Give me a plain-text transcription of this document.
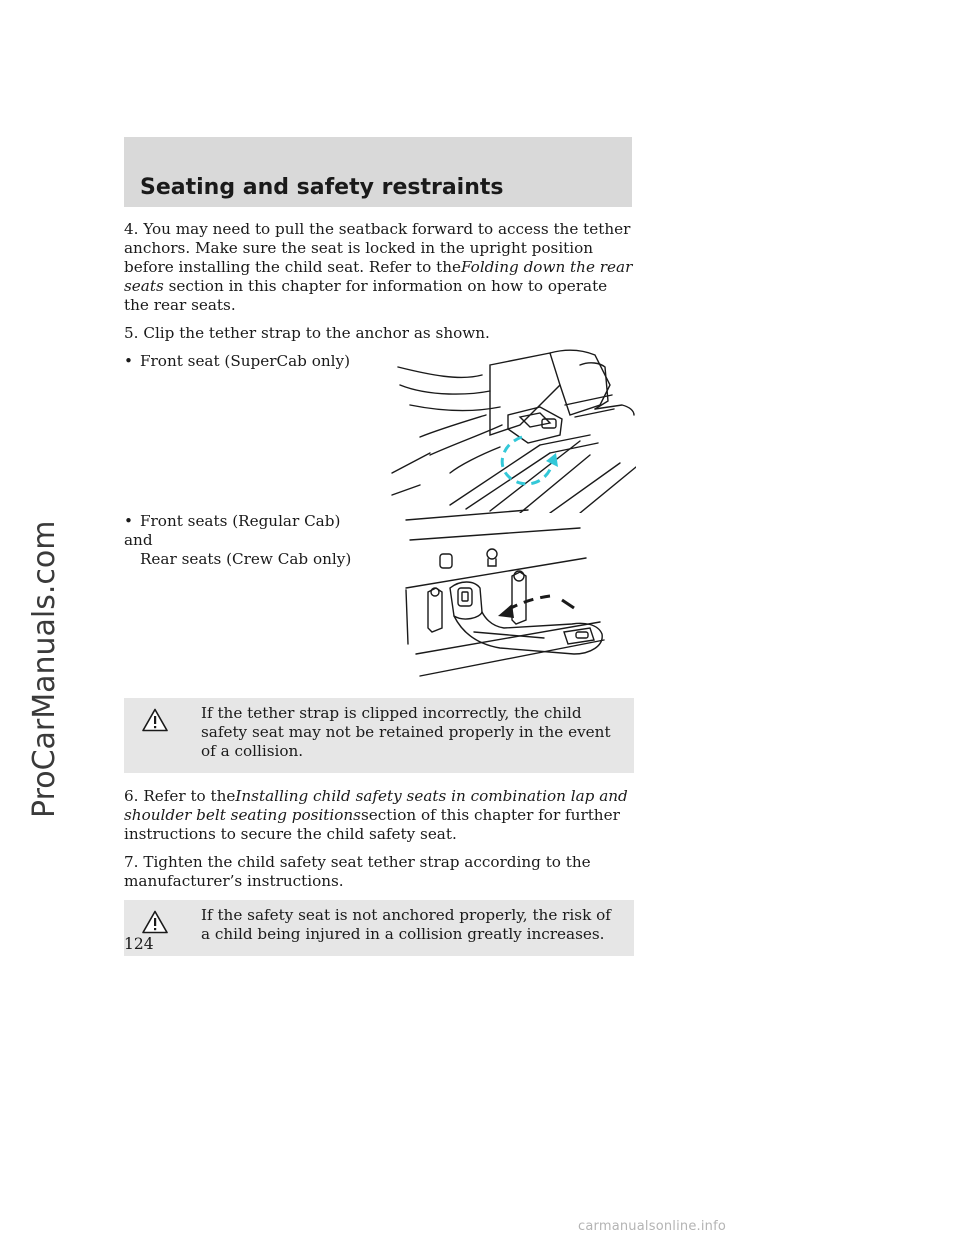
ProCarManuals.com
Seating and safety restraints

4. You may need to pull the seatback forward to access the tether anchors. Make sure the seat is locked in the upright position before installing the child seat. Refer to theFolding down the rear seats section in this chapter for information on how to operate the rear seats.

5. Clip the tether strap to the anchor as shown.

• Front seat (SuperCab only)
• Front seats (Regular Cab) and
Rear seats (Crew Cab only)
If the tether strap is clipped incorrectly, the child safety seat may not be retained properly in the event of a collision.

6. Refer to theInstalling child safety seats in combination lap and shoulder belt seating positionssection of this chapter for further instructions to secure the child safety seat.

7. Tighten the child safety seat tether strap according to the manufacturer’s instructions.

If the safety seat is not anchored properly, the risk of a child being injured in a collision greatly increases.
124
carmanualsonline.info
